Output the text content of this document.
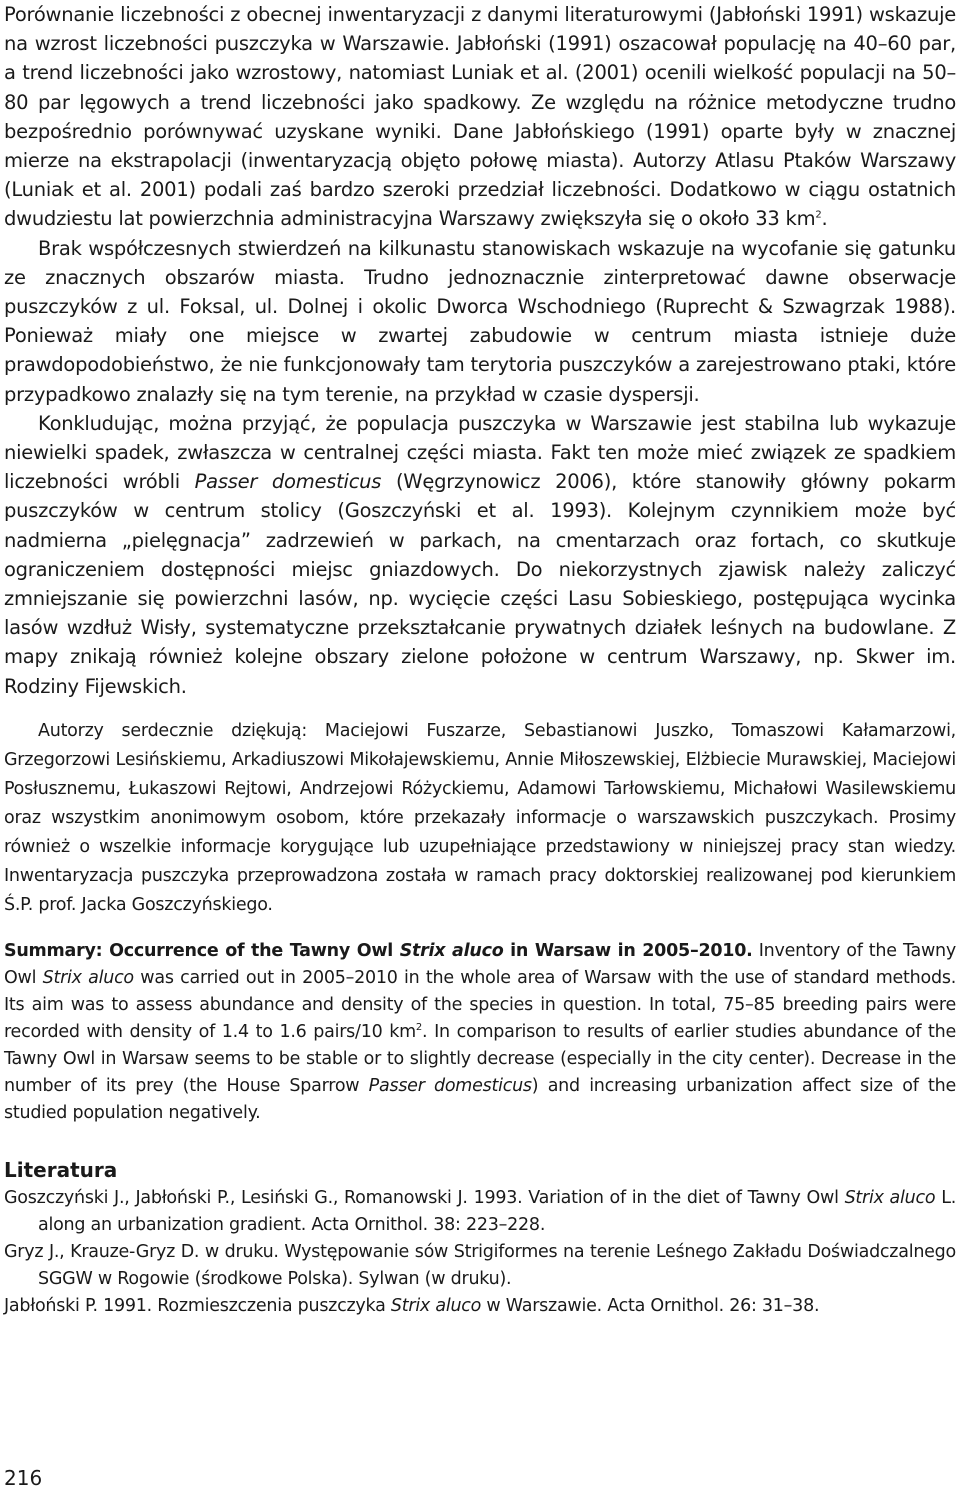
Porównanie liczebności z obecnej inwentaryzacji z danymi literaturowymi (Jabłoński 1991) wskazuje na wzrost liczebności puszczyka w Warszawie. Jabłoński (1991) oszacował populację na 40–60 par, a trend liczebności jako wzrostowy, natomiast Luniak et al. (2001) ocenili wielkość populacji na 50–80 par lęgowych a trend liczebności jako spadkowy. Ze względu na różnice metodyczne trudno bezpośrednio porównywać uzyskane wyniki. Dane Jabłońskiego (1991) oparte były w znacznej mierze na ekstrapolacji (inwentaryzacją objęto połowę miasta). Autorzy Atlasu Ptaków Warszawy (Luniak et al. 2001) podali zaś bardzo szeroki przedział liczebności. Dodatkowo w ciągu ostatnich dwudziestu lat powierzchnia administracyjna Warszawy zwiększyła się o około 33 $km^2$.

Brak współczesnych stwierdzeń na kilkunastu stanowiskach wskazuje na wycofanie się gatunku ze znacznych obszarów miasta. Trudno jednoznacznie zinterpretować dawne obserwacje puszczyków z ul. Foksal, ul. Dolnej i okolic Dworca Wschodniego (Ruprecht & Szwagrzak 1988). Ponieważ miały one miejsce w zwartej zabudowie w centrum miasta istnieje duże prawdopodobieństwo, że nie funkcjonowały tam terytoria puszczyków a zarejestrowano ptaki, które przypadkowo znalazły się na tym terenie, na przykład w czasie dyspersji.

Konkludując, można przyjąć, że populacja puszczyka w Warszawie jest stabilna lub wykazuje niewielki spadek, zwłaszcza w centralnej części miasta. Fakt ten może mieć związek ze spadkiem liczebności wróbli Passer domesticus (Węgrzynowicz 2006), które stanowiły główny pokarm puszczyków w centrum stolicy (Goszczyński et al. 1993). Kolejnym czynnikiem może być nadmierna „pielęgnacja” zadrzewień w parkach, na cmentarzach oraz fortach, co skutkuje ograniczeniem dostępności miejsc gniazdowych. Do niekorzystnych zjawisk należy zaliczyć zmniejszanie się powierzchni lasów, np. wycięcie części Lasu Sobieskiego, postępująca wycinka lasów wzdłuż Wisły, systematyczne przekształcanie prywatnych działek leśnych na budowlane. Z mapy znikają również kolejne obszary zielone położone w centrum Warszawy, np. Skwer im. Rodziny Fijewskich.

Autorzy serdecznie dziękują: Maciejowi Fuszarze, Sebastianowi Juszko, Tomaszowi Kałamarzowi, Grzegorzowi Lesińskiemu, Arkadiuszowi Mikołajewskiemu, Annie Miłoszewskiej, Elżbiecie Murawskiej, Maciejowi Posłusznemu, Łukaszowi Rejtowi, Andrzejowi Różyckiemu, Adamowi Tarłowskiemu, Michałowi Wasilewskiemu oraz wszystkim anonimowym osobom, które przekazały informacje o warszawskich puszczykach. Prosimy również o wszelkie informacje korygujące lub uzupełniające przedstawiony w niniejszej pracy stan wiedzy. Inwentaryzacja puszczyka przeprowadzona została w ramach pracy doktorskiej realizowanej pod kierunkiem Ś.P. prof. Jacka Goszczyńskiego.

Summary: Occurrence of the Tawny Owl Strix aluco in Warsaw in 2005–2010. Inventory of the Tawny Owl Strix aluco was carried out in 2005–2010 in the whole area of Warsaw with the use of standard methods. Its aim was to assess abundance and density of the species in question. In total, 75–85 breeding pairs were recorded with density of 1.4 to 1.6 pairs/10 $km^2$. In comparison to results of earlier studies abundance of the Tawny Owl in Warsaw seems to be stable or to slightly decrease (especially in the city center). Decrease in the number of its prey (the House Sparrow Passer domesticus) and increasing urbanization affect size of the studied population negatively.

Literatura

Goszczyński J., Jabłoński P., Lesiński G., Romanowski J. 1993. Variation of in the diet of Tawny Owl Strix aluco L. along an urbanization gradient. Acta Ornithol. 38: 223–228.

Gryz J., Krauze-Gryz D. w druku. Występowanie sów Strigiformes na terenie Leśnego Zakładu Doświadczalnego SGGW w Rogowie (środkowe Polska). Sylwan (w druku).

Jabłoński P. 1991. Rozmieszczenia puszczyka Strix aluco w Warszawie. Acta Ornithol. 26: 31–38.

216
